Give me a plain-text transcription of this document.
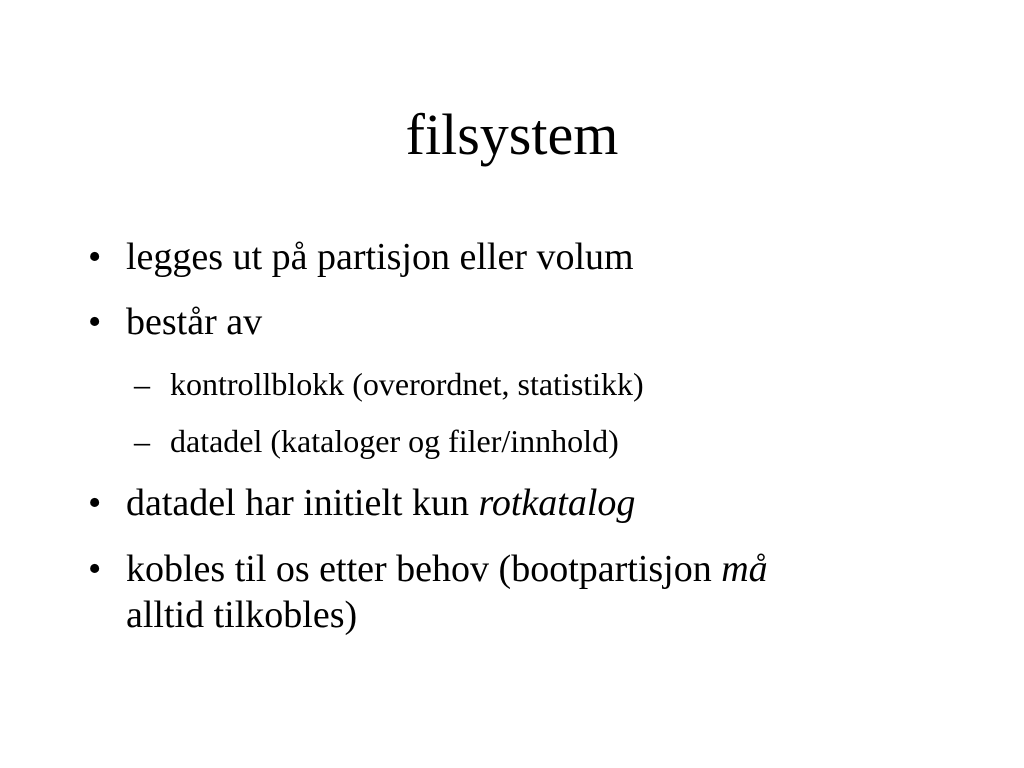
filsystem
• legges ut på partisjon eller volum
• består av
– kontrollblokk (overordnet, statistikk)
– datadel (kataloger og filer/innhold)
• datadel har initielt kun rotkatalog
• kobles til os etter behov (bootpartisjon må
alltid tilkobles)
